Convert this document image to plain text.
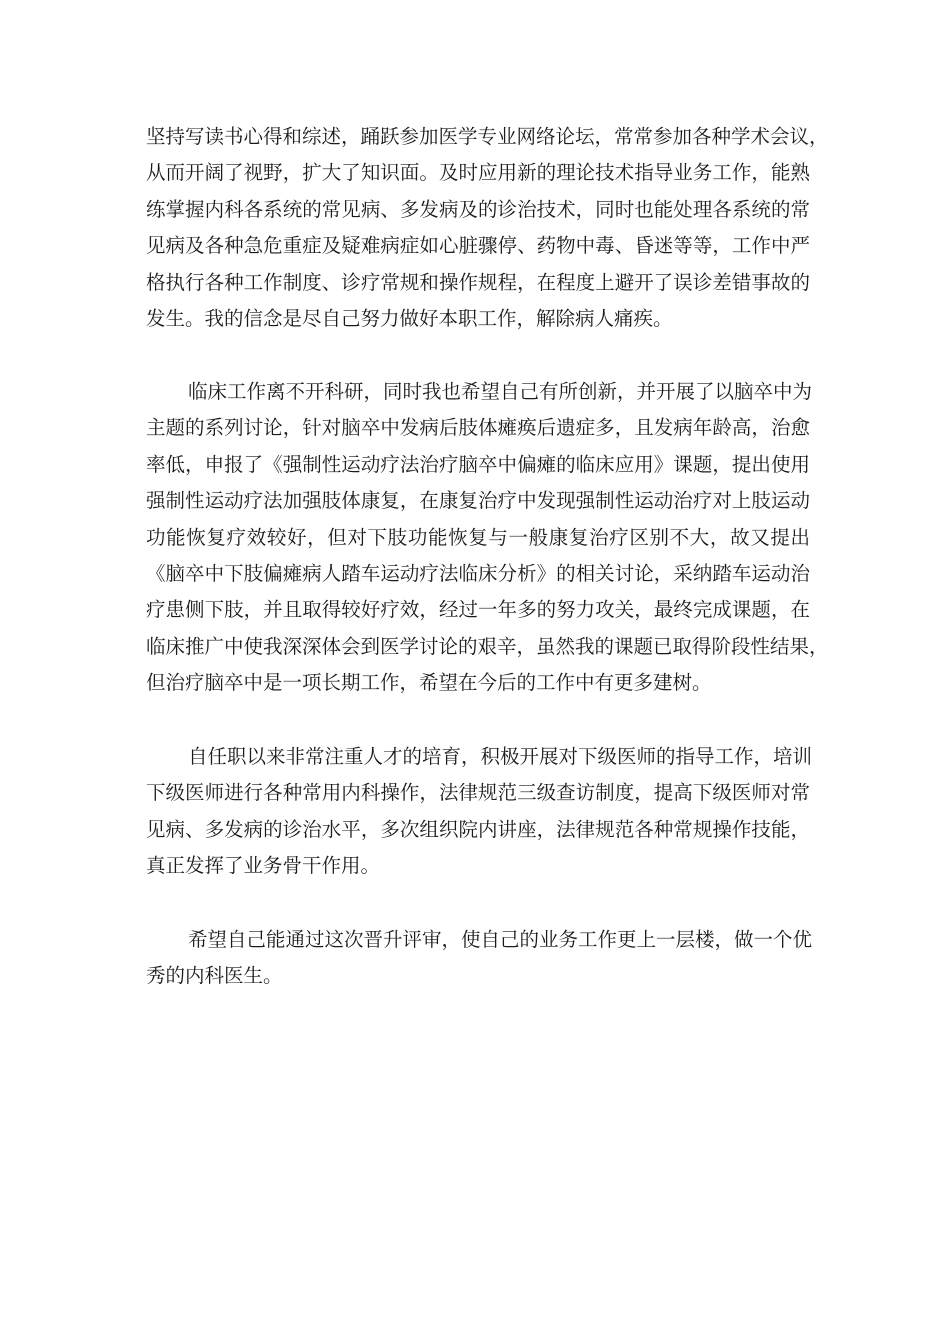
坚持写读书心得和综述，踊跃参加医学专业网络论坛，常常参加各种学术会议，
从而开阔了视野，扩大了知识面。及时应用新的理论技术指导业务工作，能熟
练掌握内科各系统的常见病、多发病及的诊治技术，同时也能处理各系统的常
见病及各种急危重症及疑难病症如心脏骤停、药物中毒、昏迷等等，工作中严
格执行各种工作制度、诊疗常规和操作规程，在程度上避开了误诊差错事故的
发生。我的信念是尽自己努力做好本职工作，解除病人痛疾。
临床工作离不开科研，同时我也希望自己有所创新，并开展了以脑卒中为
主题的系列讨论，针对脑卒中发病后肢体瘫痪后遗症多，且发病年龄高，治愈
率低，申报了《强制性运动疗法治疗脑卒中偏瘫的临床应用》课题，提出使用
强制性运动疗法加强肢体康复，在康复治疗中发现强制性运动治疗对上肢运动
功能恢复疗效较好，但对下肢功能恢复与一般康复治疗区别不大，故又提出
《脑卒中下肢偏瘫病人踏车运动疗法临床分析》的相关讨论，采纳踏车运动治
疗患侧下肢，并且取得较好疗效，经过一年多的努力攻关，最终完成课题，在
临床推广中使我深深体会到医学讨论的艰辛，虽然我的课题已取得阶段性结果，
但治疗脑卒中是一项长期工作，希望在今后的工作中有更多建树。
自任职以来非常注重人才的培育，积极开展对下级医师的指导工作，培训
下级医师进行各种常用内科操作，法律规范三级查访制度，提高下级医师对常
见病、多发病的诊治水平，多次组织院内讲座，法律规范各种常规操作技能，
真正发挥了业务骨干作用。
希望自己能通过这次晋升评审，使自己的业务工作更上一层楼，做一个优
秀的内科医生。
